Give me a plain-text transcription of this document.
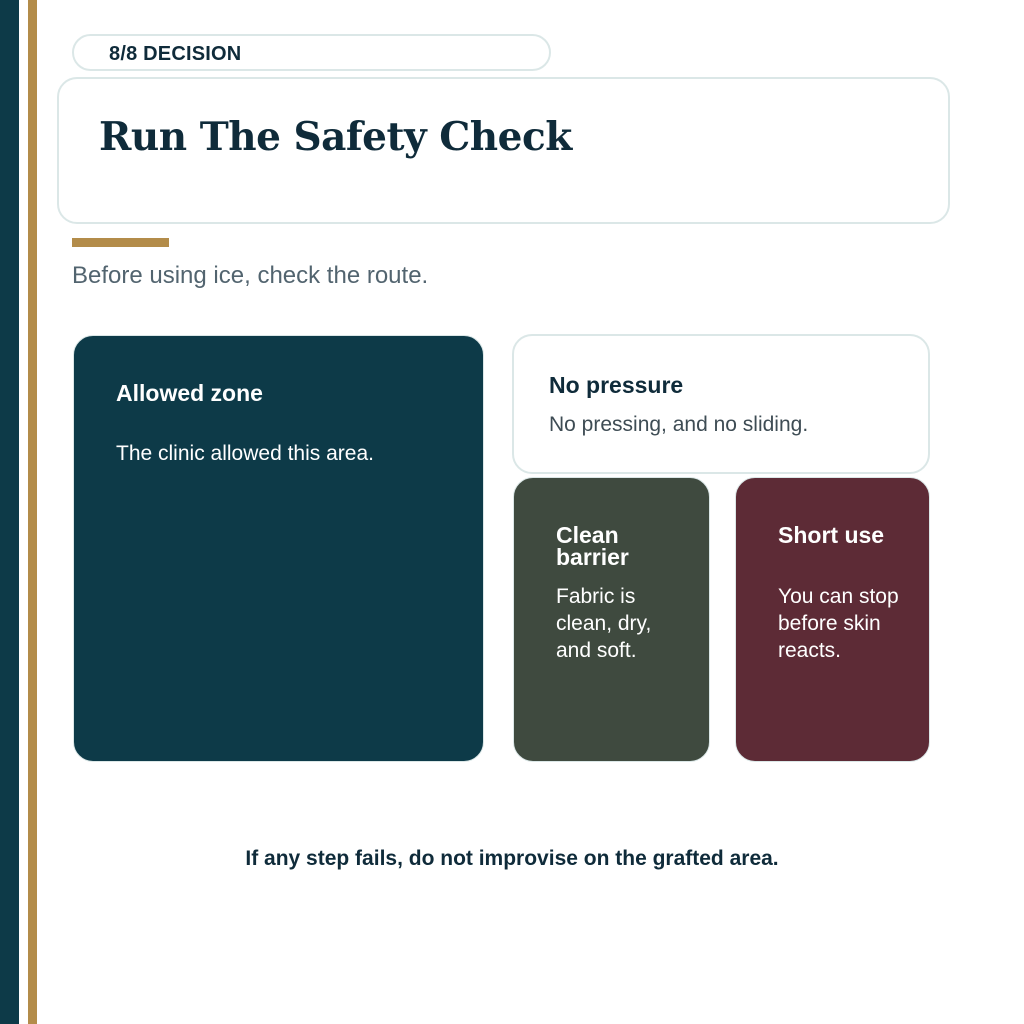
8/8 DECISION
Run The Safety Check
Before using ice, check the route.
Allowed zone
The clinic allowed this area.
No pressure
No pressing, and no sliding.
Clean barrier
Fabric is clean, dry, and soft.
Short use
You can stop before skin reacts.
If any step fails, do not improvise on the grafted area.
